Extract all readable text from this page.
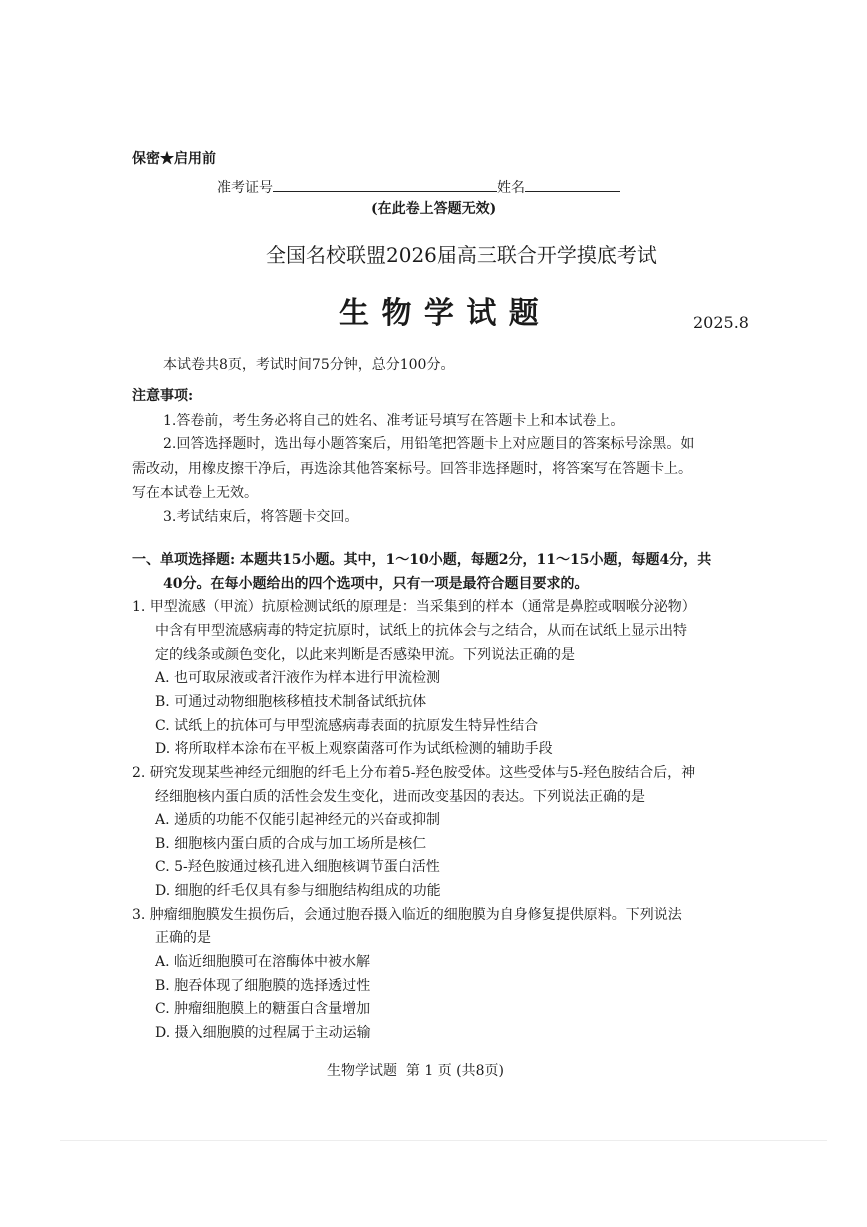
保密★启用前
准考证号	姓名
(在此卷上答题无效)
全国名校联盟2026届高三联合开学摸底考试
生 物 学 试 题	2025.8
本试卷共8页，考试时间75分钟，总分100分。
注意事项:
1.答卷前，考生务必将自己的姓名、准考证号填写在答题卡上和本试卷上。
2.回答选择题时，选出每小题答案后，用铅笔把答题卡上对应题目的答案标号涂黑。如
需改动，用橡皮擦干净后，再选涂其他答案标号。回答非选择题时，将答案写在答题卡上。
写在本试卷上无效。
3.考试结束后，将答题卡交回。
一、单项选择题: 本题共15小题。其中，1～10小题，每题2分，11～15小题，每题4分，共
40分。在每小题给出的四个选项中，只有一项是最符合题目要求的。
1. 甲型流感（甲流）抗原检测试纸的原理是：当采集到的样本（通常是鼻腔或咽喉分泌物）
中含有甲型流感病毒的特定抗原时，试纸上的抗体会与之结合，从而在试纸上显示出特
定的线条或颜色变化，以此来判断是否感染甲流。下列说法正确的是
A. 也可取尿液或者汗液作为样本进行甲流检测
B. 可通过动物细胞核移植技术制备试纸抗体
C. 试纸上的抗体可与甲型流感病毒表面的抗原发生特异性结合
D. 将所取样本涂布在平板上观察菌落可作为试纸检测的辅助手段
2. 研究发现某些神经元细胞的纤毛上分布着5-羟色胺受体。这些受体与5-羟色胺结合后，神
经细胞核内蛋白质的活性会发生变化，进而改变基因的表达。下列说法正确的是
A. 递质的功能不仅能引起神经元的兴奋或抑制
B. 细胞核内蛋白质的合成与加工场所是核仁
C. 5-羟色胺通过核孔进入细胞核调节蛋白活性
D. 细胞的纤毛仅具有参与细胞结构组成的功能
3. 肿瘤细胞膜发生损伤后，会通过胞吞摄入临近的细胞膜为自身修复提供原料。下列说法
正确的是
A. 临近细胞膜可在溶酶体中被水解
B. 胞吞体现了细胞膜的选择透过性
C. 肿瘤细胞膜上的糖蛋白含量增加
D. 摄入细胞膜的过程属于主动运输
生物学试题  第 1 页 (共8页)
